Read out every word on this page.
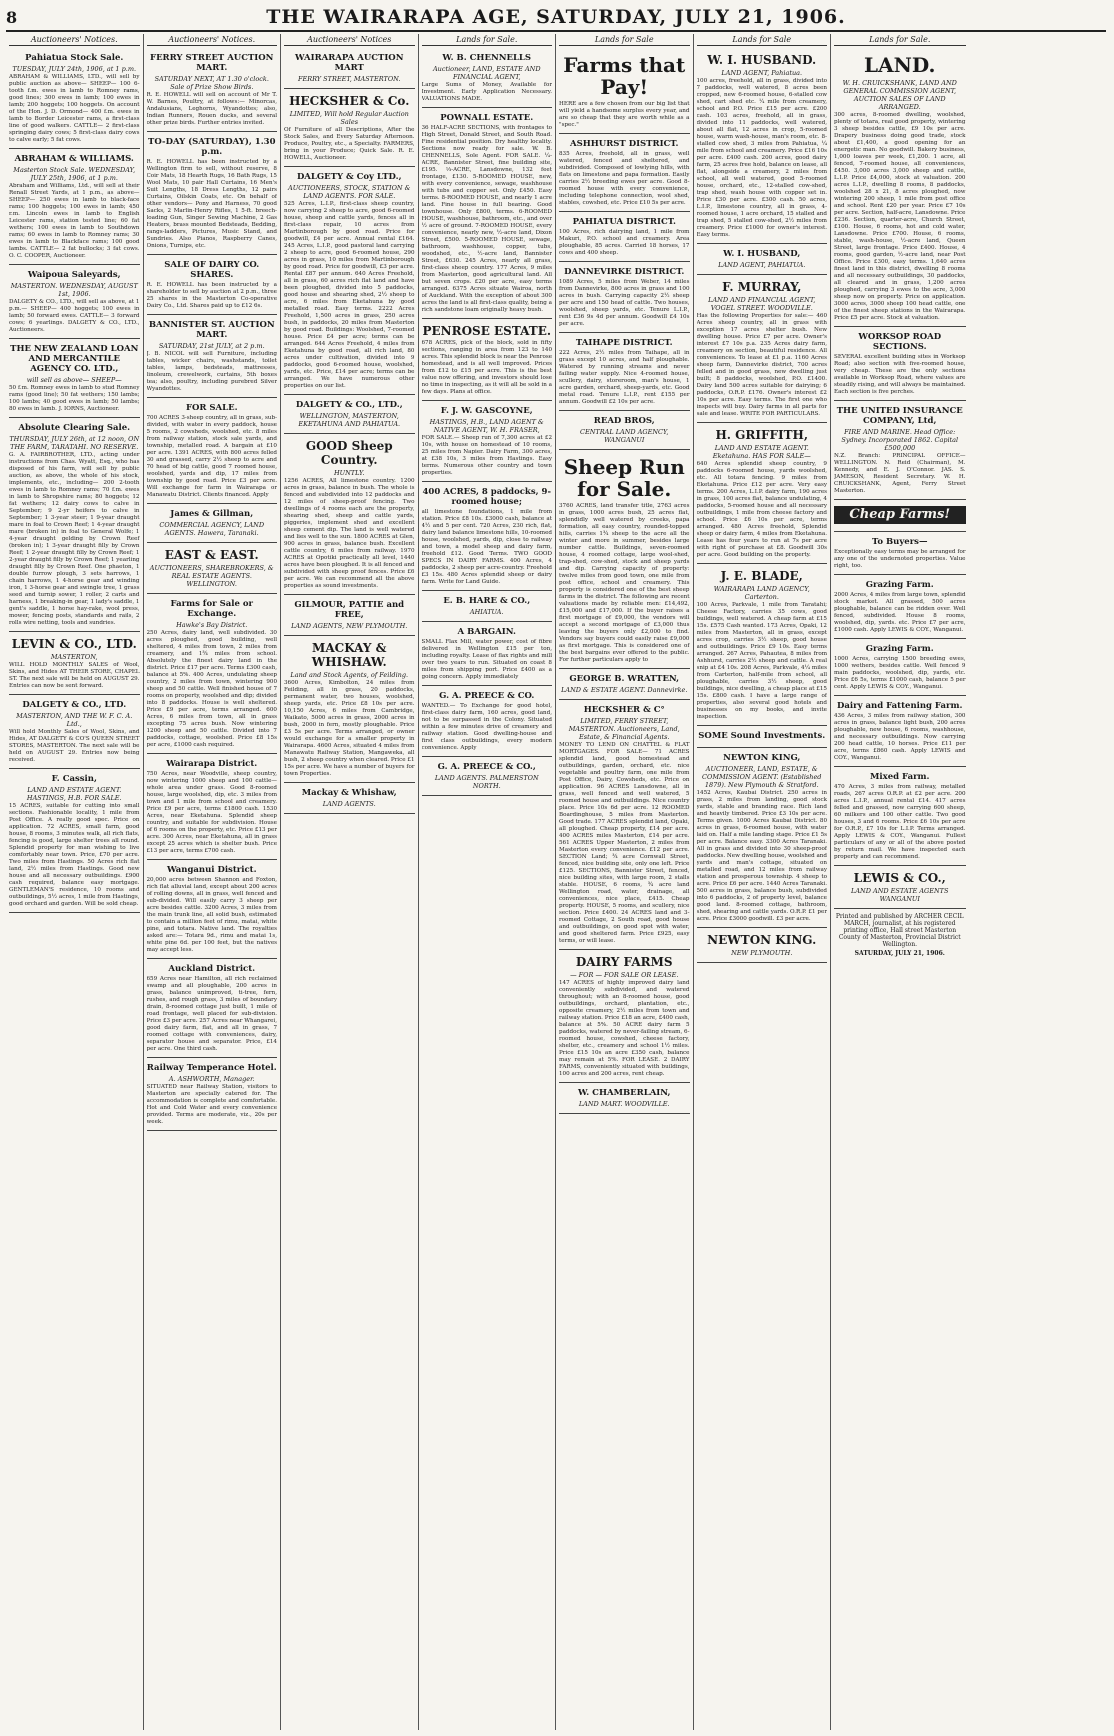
8	THE WAIRARAPA AGE, SATURDAY, JULY 21, 1906.
Auctioneers' Notices.
Pahiatua Stock Sale.
TUESDAY, JULY 24th, 1906, at 1 p.m.
ABRAHAM & WILLIAMS, LTD., will sell by public auction as above— SHEEP— 100 6-tooth f.m. ewes in lamb to Romney rams, good lines; 300 ewes in lamb; 100 ewes in lamb; 200 hoggets; 100 hoggets. On account of the Hon. J. D. Ormond— 400 f.m. ewes in lamb to Border Leicester rams, a first-class line of good walkers. CATTLE— 2 first-class springing dairy cows; 5 first-class dairy cows to calve early; 5 fat cows.
ABRAHAM & WILLIAMS.
Masterton Stock Sale. WEDNESDAY, JULY 25th, 1906, at 1 p.m.
Abraham and Williams, Ltd., will sell at their Renall Street Yards, at 1 p.m., as above— SHEEP— 250 ewes in lamb to black-face rams; 100 hoggets; 100 ewes in lamb; 450 r.m. Lincoln ewes in lamb to English Leicester rams, station tested line; 60 fat wethers; 100 ewes in lamb to Southdown rams; 60 ewes in lamb to Romney rams; 30 ewes in lamb to Blackface rams; 100 good lambs. CATTLE— 2 fat bullocks; 3 fat cows. O. C. COOPER, Auctioneer.
Waipoua Saleyards,
MASTERTON. WEDNESDAY, AUGUST 1st, 1906.
DALGETY & CO., LTD., will sell as above, at 1 p.m.— SHEEP— 400 hoggets; 100 ewes in lamb; 50 forward ewes. CATTLE— 3 forward cows; 6 yearlings. DALGETY & CO., LTD., Auctioneers.
THE NEW ZEALAND LOAN AND MERCANTILE AGENCY CO. LTD.,
will sell as above— SHEEP—
50 f.m. Romney ewes in lamb to stud Romney rams (good line); 50 fat wethers; 150 lambs; 100 lambs; 40 good ewes in lamb; 50 lambs; 80 ewes in lamb. J. IORNS, Auctioneer.
Absolute Clearing Sale.
THURSDAY, JULY 26th, at 12 noon, ON THE FARM, TARATAHI. NO RESERVE.
G. A. FAIRBROTHER, LTD., acting under instructions from Chas. Wyatt, Esq., who has disposed of his farm, will sell by public auction, as above, the whole of his stock, implements, etc., including— 200 2-tooth ewes in lamb to Romney rams; 70 f.m. ewes in lamb to Shropshire rams; 80 hoggets; 12 fat wethers; 12 dairy cows to calve in September; 9 2-yr heifers to calve in September; 1 3-year steer; 1 9-year draught mare in foal to Crown Reef; 1 4-year draught mare (broken in) in foal to General Wolfe; 1 4-year draught gelding by Crown Reef (broken in); 1 3-year draught filly by Crown Reef; 1 2-year draught filly by Crown Reef; 1 2-year draught filly by Crown Reef; 1 yearling draught filly by Crown Reef. One phaeton, 1 double furrow plough, 3 sets harrows, 1 chain harrows, 1 4-horse gear and winding iron, 1 3-horse gear and swingle tree, 1 grass seed and turnip sower, 1 roller, 2 carts and harness, 1 breaking-in gear, 1 lady's saddle, 1 gent's saddle, 1 horse hay-rake, wool press, mower, fencing posts, standards and rails, 2 rolls wire netting, tools and sundries.
LEVIN & CO., LTD.
MASTERTON,
WILL HOLD MONTHLY SALES of Wool, Skins, and Hides AT THEIR STORE, CHAPEL ST. The next sale will be held on AUGUST 29. Entries can now be sent forward.
DALGETY & CO., LTD.
MASTERTON, AND THE W. F. C. A. Ltd.,
Will hold Monthly Sales of Wool, Skins, and Hides, AT DALGETY & CO'S QUEEN STREET STORES, MASTERTON. The next sale will be held on AUGUST 29. Entries now being received.
F. Cassin,
LAND AND ESTATE AGENT. HASTINGS, H.B. FOR SALE.
15 ACRES, suitable for cutting into small sections. Fashionable locality, 1 mile from Post Office. A really good spec. Price on application. 72 ACRES, small farm, good house, 8 rooms, 3 minutes walk, all rich flats, fencing is good, large shelter trees all round. Splendid property for man wishing to live comfortably near town. Price, £70 per acre. Two miles from Hastings. 50 Acres rich flat land, 2½ miles from Hastings. Good new house and all necessary outbuildings. £900 cash required, balance easy mortgage. GENTLEMAN'S residence, 10 rooms and outbuildings, 5½ acres, 1 mile from Hastings, good orchard and garden. Will be sold cheap.
Auctioneers' Notices.
FERRY STREET AUCTION MART.
SATURDAY NEXT, AT 1.30 o'clock. Sale of Prize Show Birds.
R. E. HOWELL will sell on account of Mr T. W. Barnes, Poultry, at follows:— Minorcas, Andalusians, Leghorns, Wyandottes; also, Indian Runners, Rouen ducks, and several other prize birds. Further entries invited.
TO-DAY (SATURDAY), 1.30 p.m.
R. E. HOWELL has been instructed by a Wellington firm to sell, without reserve, 8 Coir Mats, 18 Hearth Rugs, 16 Bath Rugs, 15 Wool Mats, 10 pair Hall Curtains, 16 Men's Suit Lengths, 18 Dress Lengths, 12 pairs Curtains, Oilskin Coats, etc. On behalf of other vendors— Pony and Harness, 70 good Sacks, 2 Marlin-Henry Rifles, 1 5-ft. breech-loading Gun, Singer Sewing Machine, 2 Gas Heaters, brass mounted Bedsteads, Bedding, rangs-ladders, Pictures, Music Stand, and Sundries. Also Pianos, Raspberry Canes, Onions, Turnips, etc.
SALE OF DAIRY CO. SHARES.
R. E. HOWELL has been instructed by a shareholder to sell by auction at 2 p.m., three 25 shares in the Masterton Co-operative Dairy Co., Ltd. Shares paid up to £12 6s.
BANNISTER ST. AUCTION MART.
SATURDAY, 21st JULY, at 2 p.m.
J. B. NICOL will sell Furniture, including tables, wicker chairs, washstands, toilet tables, lamps, bedsteads, mattresses, linoleum, crewelwork, curtains, 5th boxes tea; also, poultry, including purebred Silver Wyandottes.
FOR SALE.
700 ACRES 3-sheep country, all in grass, sub-divided, with water in every paddock, house 5 rooms, 2 cowsheds, woolshed, etc. 8 miles from railway station, stock sale yards, and township, metalled road. A bargain at £10 per acre. 1391 ACRES, with 800 acres felled 30 and grassed, carry 2½ sheep to acre and 70 head of big cattle, good 7 roomed house, woolshed, yards and dip, 17 miles from township by good road. Price £3 per acre. Will exchange for farm in Wairarapa or Manawatu District. Clients financed. Apply
James & Gillman,
COMMERCIAL AGENCY, LAND AGENTS. Hawera, Taranaki.
EAST & EAST.
AUCTIONEERS, SHAREBROKERS, & REAL ESTATE AGENTS. WELLINGTON.
Farms for Sale or Exchange.
Hawke's Bay District.
250 Acres, dairy land, well subdivided. 30 acres ploughed, good building, well sheltered, 4 miles from town, 2 miles from creamery, and 1¾ miles from school. Absolutely the finest dairy land in the district. Price £17 per acre. Terms £300 cash, balance at 5%. 400 Acres, undulating sheep country, 2 miles from town, wintering 900 sheep and 50 cattle. Well finished house of 7 rooms on property, woolshed and dip; divided into 8 paddocks. House is well sheltered. Price £9 per acre, terms arranged. 600 Acres, 6 miles from town, all in grass excepting 75 acres bush. Now wintering 1200 sheep and 50 cattle. Divided into 7 paddocks, cottage, woolshed. Price £8 15s per acre, £1000 cash required.
Wairarapa District.
750 Acres, near Woodville, sheep country, now wintering 1000 sheep and 100 cattle— whole area under grass. Good 8-roomed house, large woolshed, dip, etc. 3 miles from town and 1 mile from school and creamery. Price £9 per acre, terms £1800 cash. 1530 Acres, near Eketahuna. Splendid sheep country, and suitable for subdivision. House of 6 rooms on the property, etc. Price £13 per acre. 300 Acres, near Eketahuna, all in grass except 25 acres which is shelter bush. Price £13 per acre, terms £700 cash.
Wanganui District.
20,000 acres between Shannon and Foxton, rich flat alluvial land, except about 200 acres of rolling downs, all in grass, well fenced and sub-divided. Will easily carry 3 sheep per acre besides cattle. 3200 Acres, 3 miles from the main trunk line, all solid bush, estimated to contain a million feet of rimu, matai, white pine, and totara. Native land. The royalties asked are:— Totara 9d., rimu and matai 1s, white pine 6d. per 100 feet, but the natives may accept less.
Auckland District.
659 Acres near Hamilton, all rich reclaimed swamp and all ploughable, 200 acres in grass, balance unimproved, ti-tree, fern, rushes, and rough grass, 3 miles of boundary drain, 8-roomed cottage just built, 1 mile of road frontage, well placed for sub-division. Price £3 per acre. 257 Acres near Whangarei, good dairy farm, flat, and all in grass, 7 roomed cottage with conveniences, dairy, separator house and separator. Price, £14 per acre. One third cash.
Railway Temperance Hotel.
A. ASHWORTH, Manager.
SITUATED near Railway Station, visitors to Masterton are specially catered for. The accommodation is complete and comfortable. Hot and Cold Water and every convenience provided. Terms are moderate, viz., 20s per week.
Auctioneers' Notices
WAIRARAPA AUCTION MART
FERRY STREET, MASTERTON.
HECKSHER & Co.
LIMITED, Will hold Regular Auction Sales
Of Furniture of all Descriptions, After the Stock Sales, and Every Saturday Afternoon. Produce, Poultry, etc., a Specialty. FARMERS, bring in your Produce; Quick Sale. R. E. HOWELL, Auctioneer.
DALGETY & Coy LTD.,
AUCTIONEERS, STOCK, STATION & LAND AGENTS. FOR SALE.
525 Acres, L.I.P., first-class sheep country, now carrying 2 sheep to acre, good 6-roomed house, sheep and cattle yards, fences all in first-class repair, 10 acres from Martinborough by good road. Price for goodwill, £4 per acre. Annual rental £164. 245 Acres, L.I.P., good pastoral land carrying 2 sheep to acre, good 6-roomed house, 290 acres in grass, 10 miles from Martinborough by good road. Price for goodwill, £3 per acre. Rental £87 per annum. 640 Acres Freehold, all in grass, 60 acres rich flat land and have been ploughed, divided into 5 paddocks, good house and shearing shed, 2½ sheep to acre, 6 miles from Eketahuna by good metalled road. Easy terms. 2222 Acres Freehold, 1,500 acres in grass, 250 acres bush, in paddocks, 20 miles from Masterton by good road. Buildings: Woolshed, 7-roomed house. Price £4 per acre; terms can be arranged. 644 Acres Freehold, 4 miles from Eketahuna by good road, all rich land, 80 acres under cultivation, divided into 9 paddocks, good 6-roomed house, woolshed, yards, etc. Price, £14 per acre; terms can be arranged. We have numerous other properties on our list.
DALGETY & CO., LTD.,
WELLINGTON, MASTERTON, EKETAHUNA AND PAHIATUA.
GOOD Sheep Country.
HUNTLY.
1256 ACRES, All limestone country. 1200 acres in grass, balance in bush. The whole is fenced and subdivided into 12 paddocks and 12 miles of sheep-proof fencing. Two dwellings of 4 rooms each are the property, shearing shed, sheep and cattle yards, piggeries, implement shed and excellent sheep cement dip. The land is well watered and lies well to the sun. 1800 ACRES at Glen, 900 acres in grass, balance bush. Excellent cattle country, 6 miles from railway. 1970 ACRES at Opotiki practically all level, 1440 acres have been ploughed. It is all fenced and subdivided with sheep proof fences. Price £6 per acre. We can recommend all the above properties as sound investments.
GILMOUR, PATTIE and FREE,
LAND AGENTS, NEW PLYMOUTH.
MACKAY & WHISHAW.
Land and Stock Agents, of Feilding.
3600 Acres, Kimbolton, 24 miles from Feilding, all in grass, 20 paddocks, permanent water, two houses, woolshed, sheep yards, etc. Price £8 10s per acre. 10,150 Acres, 6 miles from Cambridge, Waikato, 5000 acres in grass, 2000 acres in bush, 2000 in fern, mostly ploughable. Price £3 5s per acre. Terms arranged, or owner would exchange for a smaller property in Wairarapa. 4600 Acres, situated 4 miles from Manawatu Railway Station, Mangaweka, all bush, 2 sheep country when cleared. Price £1 15s per acre. We have a number of buyers for town Properties.
Mackay & Whishaw,
LAND AGENTS.
Lands for Sale.
W. B. CHENNELLS
Auctioneer, LAND, ESTATE AND FINANCIAL AGENT,
Large Sums of Money, Available for Investment. Early Application Necessary. VALUATIONS MADE.
POWNALL ESTATE.
36 HALF-ACRE SECTIONS, with frontages to High Street, Donald Street, and South Road. Fine residential position. Dry healthy locality. Sections now ready for sale. W. B. CHENNELLS, Sole Agent. FOR SALE. ¼-ACRE, Bannister Street, fine building site, £195. ⅓-ACRE, Lansdowne, 132 feet frontage, £130. 5-ROOMED HOUSE, new, with every convenience, sewage, washhouse with tubs and copper set. Only £450. Easy terms. 8-ROOMED HOUSE, and nearly 1 acre land. Fine house in full bearing. Good townhouse. Only £800, terms. 6-ROOMED HOUSE, washhouse, bathroom, etc., and over ½ acre of ground. 7-ROOMED HOUSE, every convenience, nearly new, ½-acre land, Dixon Street, £500. 5-ROOMED HOUSE, sewage, bathroom, washhouse, copper, tubs, woodshed, etc., ½-acre land, Bannister Street, £630. 245 Acres, nearly all grass, first-class sheep country. 177 Acres, 9 miles from Masterton, good agricultural land. All but seven crops. £20 per acre, easy terms arranged. 6375 Acres situate Wairoa, north of Auckland. With the exception of about 300 acres the land is all first-class quality, being a rich sandstone loam originally heavy bush.
PENROSE ESTATE.
678 ACRES, pick of the block, sold in fifty sections, ranging in area from 123 to 140 acres. This splendid block is near the Penrose homestead, and is all well improved. Prices from £12 to £15 per acre. This is the best value now offering, and investors should lose no time in inspecting, as it will all be sold in a few days. Plans at office.
F. J. W. GASCOYNE,
HASTINGS, H.B., LAND AGENT & NATIVE AGENT, W. H. FRASER,
FOR SALE.— Sheep run of 7,300 acres at £2 10s, with house on homestead of 10 rooms, 25 miles from Napier. Dairy Farm, 300 acres, at £38 10s, 3 miles from Hastings. Easy terms. Numerous other country and town properties.
400 ACRES, 8 paddocks, 9-roomed house;
all limestone foundations, 1 mile from station. Price £8 10s. £3000 cash, balance at 4½ and 5 per cent. 720 Acres, 230 rich, flat, dairy land balance limestone hills, 10-roomed house, woolshed, yards, dip, close to railway and town, a model sheep and dairy farm, freehold £12. Good Terms. TWO GOOD SPECS IN DAIRY FARMS. 400 Acres, 4 paddocks, 2 sheep per acre-country. Freehold £3 15s. 480 Acres splendid sheep or dairy farm. Write for Land Guide.
E. B. HARE & CO.,
AHIATUA.
A BARGAIN.
SMALL Flax Mill, water power, cost of fibre delivered in Wellington £15 per ton, including royalty. Lease of flax rights and mill over two years to run. Situated on coast 8 miles from shipping port. Price £400 as a going concern. Apply immediately
G. A. PREECE & CO.
WANTED.— To Exchange for good hotel, first-class dairy farm, 160 acres, good land, not to be surpassed in the Colony. Situated within a few minutes drive of creamery and railway station. Good dwelling-house and first class outbuildings, every modern convenience. Apply
G. A. PREECE & CO.,
LAND AGENTS. PALMERSTON NORTH.
Lands for Sale
Farms that Pay!
HERE are a few chosen from our big list that will yield a handsome surplus every year, and are so cheap that they are worth while as a "spec."
ASHHURST DISTRICT.
835 Acres, freehold, all in grass, well watered, fenced and sheltered, and subdivided. Composed of lowlying hills, with flats on limestone and papa formation. Easily carries 2½ breeding ewes per acre. Good 8-roomed house with every convenience, including telephone connection, wool shed, stables, cowshed, etc. Price £10 5s per acre.
PAHIATUA DISTRICT.
100 Acres, rich dairying land, 1 mile from Makuri, P.O. school and creamery. Area ploughable, 85 acres. Carried 18 horses, 17 cows and 400 sheep.
DANNEVIRKE DISTRICT.
1089 Acres, 5 miles from Weber, 14 miles from Dannevirke, 800 acres in grass and 100 acres in bush. Carrying capacity 2½ sheep per acre and 150 head of cattle. Two houses, woolshed, sheep yards, etc. Tenure L.I.P., rent £36 9s 4d per annum. Goodwill £4 10s per acre.
TAIHAPE DISTRICT.
222 Acres, 2½ miles from Taihape, all in grass except 10 acres, and half ploughable. Watered by running streams and never failing water supply. Nice 4-roomed house, scullery, dairy, storeroom, man's house, 1 acre garden, orchard, sheep-yards, etc. Good metal road. Tenure L.I.P., rent £155 per annum. Goodwill £2 10s per acre.
READ BROS,
CENTRAL LAND AGENCY, WANGANUI
Sheep Run for Sale.
3760 ACRES, land transfer title, 2763 acres in grass, 1000 acres bush, 25 acres flat, splendidly well watered by creeks, papa formation, all easy country, rounded-topped hills, carries 1¾ sheep to the acre all the winter and more in summer, besides large number cattle. Buildings, seven-roomed house, 4 roomed cottage, large wool-shed, trap-shed, cow-shed, stock and sheep yards and dip. Carrying capacity of property: twelve miles from good town, one mile from post office, school and creamery. This property is considered one of the best sheep farms in the district. The following are recent valuations made by reliable men: £14,492, £15,000 and £17,000. If the buyer raises a first mortgage of £9,000, the vendors will accept a second mortgage of £3,000 thus leaving the buyers only £2,000 to find. Vendors say buyers could easily raise £9,000 as first mortgage. This is considered one of the best bargains ever offered to the public. For further particulars apply to
GEORGE B. WRATTEN,
LAND & ESTATE AGENT. Dannevirke.
HECKSHER & C°
LIMITED, FERRY STREET, MASTERTON. Auctioneers, Land, Estate, & Financial Agents.
MONEY TO LEND ON CHATTEL & FLAT MORTGAGES. FOR SALE— 71 ACRES splendid land, good homestead and outbuildings, garden, orchard, etc. nice vegetable and poultry farm, one mile from Post Office, Dairy, Cowsheds, etc. Price on application. 96 ACRES Lansdowne, all in grass, well fenced and well watered, 5 roomed house and outbuildings. Nice country place. Price 10s 6d per acre. 12 ROOMED Boardinghouse, 5 miles from Masterton. Good trade. 177 ACRES splendid land, Opaki, all ploughed. Cheap property, £14 per acre. 400 ACRES miles Masterton, £14 per acre. 561 ACRES Upper Masterton, 2 miles from Masterton every convenience. £12 per acre. SECTION Land; ¾ acre Cornwall Street, fenced, nice building site, only one left. Price £125. SECTIONS, Bannister Street, fenced, nice building sites, with large room, 2 stalls stable. HOUSE, 6 rooms, ¾ acre land Wellington road, water, drainage, all conveniences, nice place, £415. Cheap property. HOUSE, 5 rooms, and scullery, nice section. Price £400. 24 ACRES land and 3-roomed Cottage, 2 South road, good house and outbuildings, on good spot with water, and good sheltered farm. Price £925, easy terms, or will lease.
DAIRY FARMS
— FOR — FOR SALE OR LEASE.
147 ACRES of highly improved dairy land conveniently subdivided, and watered throughout; with an 8-roomed house, good outbuildings, orchard, plantation, etc., opposite creamery, 2½ miles from town and railway station. Price £18 an acre, £400 cash, balance at 5%. 50 ACRE dairy farm 5 paddocks, watered by never-failing stream, 6-roomed house, cowshed, cheese factory, shelter, etc., creamery and school 1½ miles. Price £15 10s an acre £350 cash, balance may remain at 5%. FOR LEASE. 2 DAIRY FARMS, conveniently situated with buildings, 100 acres and 200 acres, rent cheap.
W. CHAMBERLAIN,
LAND MART. WOODVILLE.
Lands for Sale
W. I. HUSBAND.
LAND AGENT, Pahiatua.
100 acres, freehold, all in grass, divided into 7 paddocks, well watered, 8 acres been cropped, new 6-roomed house, 6-stalled cow shed, cart shed etc. ¼ mile from creamery, school and P.O. Price £15 per acre. £200 cash. 103 acres, freehold, all in grass, divided into 11 paddocks, well watered, about all flat, 12 acres in crop, 5-roomed house, warm wash-house, man's room, etc. 8-stalled cow shed, 3 miles from Pahiatua, ¼ mile from school and creamery. Price £16 10s per acre. £400 cash. 200 acres, good dairy farm, 25 acres free hold, balance on lease, all flat, alongside a creamery, 2 miles from school, all well watered, good 5-roomed house, orchard, etc., 12-stalled cow-shed, trap shed, wash house with copper set in. Price £30 per acre. £300 cash. 50 acres, L.I.P., limestone country, all in grass, 4-roomed house, 1 acre orchard, 15 stalled and trap shed, 5 stalled cow-shed, 2½ miles from creamery. Price £1000 for owner's interest. Easy terms.
W. I. HUSBAND,
LAND AGENT, PAHIATUA.
F. MURRAY,
LAND AND FINANCIAL AGENT, VOGEL STREET. WOODVILLE.
Has the following Properties for sale:— 460 Acres sheep country, all in grass with exception 17 acres shelter bush. New dwelling house. Price £7 per acre. Owner's interest £7 10s p.a. 235 Acres dairy farm, creamery on section, beautiful residence. All conveniences. To lease at £1 p.a. 1160 Acres sheep farm, Dannevirke district, 700 acres felled and in good grass, new dwelling just built; 8 paddocks, woolshed, P.O. £1400. Dairy land 500 acres suitable for dairying; 6 paddocks, O.R.P. £176. Owner's interest £2 10s per acre. Easy terms. The first one who inspects will buy. Dairy farms in all parts for sale and lease. WRITE FOR PARTICULARS.
H. GRIFFITH,
LAND AND ESTATE AGENT. Eketahuna. HAS FOR SALE—
640 Acres splendid sheep country, 9 paddocks 6-roomed house, yards woolshed, etc. All totara fencing. 9 miles from Eketahuna. Price £12 per acre. Very easy terms. 200 Acres, L.I.P. dairy farm, 190 acres in grass, 100 acres flat, balance undulating, 4 paddocks, 5-roomed house and all necessary outbuildings, 1 mile from cheese factory and school. Price £6 10s per acre, terms arranged. 480 Acres freehold, Splendid sheep or dairy farm, 4 miles from Eketahuna. Lease has four years to run at 7s per acre with right of purchase at £8. Goodwill 30s per acre. Good building on the property.
J. E. BLADE,
WAIRARAPA LAND AGENCY, Carterton.
100 Acres, Parkvale, 1 mile from Taratahi; Cheese Factory, carries 35 cows, good buildings, well watered. A cheap farm at £15 15s. £575 Cash wanted. 173 Acres, Opaki, 12 miles from Masterton, all in grass, except acres crop, carries 3½ sheep, good house and outbuildings. Price £9 10s. Easy terms arranged. 267 Acres, Pahautea, 8 miles from Ashhurst, carries 2½ sheep and cattle. A real snip at £4 10s. 208 Acres, Parkvale, 4¼ miles from Carterton, half-mile from school, all ploughable, carries 3½ sheep, good buildings, nice dwelling, a cheap place at £15 15s. £800 cash. I have a large range of properties, also several good hotels and businesses on my books, and invite inspection.
SOME Sound Investments.
NEWTON KING,
AUCTIONEER, LAND, ESTATE, & COMMISSION AGENT. (Established 1879). New Plymouth & Stratford.
1452 Acres, Kaubai District. 250 acres in grass, 2 miles from landing, good stock yards, stable and branding race. Rich land and heavily timbered. Price £3 10s per acre. Terms given. 1000 Acres Kaubai District. 80 acres in grass, 6-roomed house, with water laid on. Half a mile landing stage. Price £1 5s per acre. Balance easy. 3300 Acres Taranaki. All in grass and divided into 30 sheep-proof paddocks. New dwelling house, woolshed and yards and man's cottage, situated on metalled road, and 12 miles from railway station and prosperous township. 4 sheep to acre. Price £6 per acre. 1440 Acres Taranaki. 500 acres in grass, balance bush, subdivided into 6 paddocks, 2 of property level, balance good land. 8-roomed cottage, bathroom, shed, shearing and cattle yards. O.R.P. £1 per acre. Price £3000 goodwill. £3 per acre.
NEWTON KING.
NEW PLYMOUTH.
Lands for Sale.
LAND.
W. H. CRUICKSHANK, LAND AND GENERAL COMMISSION AGENT, AUCTION SALES OF LAND ARRANGED.
300 acres, 8-roomed dwelling, woolshed, plenty of totara, real good property, wintering 3 sheep besides cattle, £9 10s per acre. Drapery business doing good trade, stock about £1,400, a good opening for an energetic man. No goodwill. Bakery business, 1,000 loaves per week, £1,200. 1 acre, all fenced, 7-roomed house, all conveniences, £450. 3,000 acres 3,000 sheep and cattle, L.I.P. Price £4,000, stock at valuation. 200 acres L.I.P., dwelling 8 rooms, 8 paddocks, woolshed 28 x 21, 8 acres ploughed, now wintering 200 sheep, 1 mile from post office and school. Rent £20 per year. Price £7 10s per acre. Section, half-acre, Lansdowne. Price £236. Section, quarter-acre, Church Street, £100. House, 6 rooms, hot and cold water, Lansdowne. Price £700. House, 6 rooms, stable, wash-house, ½-acre land, Queen Street, large frontage. Price £400. House, 4 rooms, good garden, ½-acre land, near Post Office. Price £300, easy terms. 1,640 acres finest land in this district, dwelling 8 rooms and all necessary outbuildings, 30 paddocks, all cleared and in grass, 1,200 acres ploughed, carrying 3 ewes to the acre, 3,000 sheep now on property. Price on application. 3000 acres, 3000 sheep 100 head cattle, one of the finest sheep stations in the Wairarapa. Price £5 per acre. Stock at valuation.
WORKSOP ROAD SECTIONS.
SEVERAL excellent building sites in Worksop Road; also section with five-roomed house, very cheap. These are the only sections available in Worksop Road, where values are steadily rising, and will always be maintained. Each section is five perches.
THE UNITED INSURANCE COMPANY, Ltd,
FIRE AND MARINE. Head Office: Sydney. Incorporated 1862. Capital £500,000
N.Z. Branch: PRINCIPAL OFFICE— WELLINGTON. N. Reid (Chairman), M. Kennedy, and E. J. O'Connor. JAS. S. JAMESON, Resident Secretary. W. H. CRUICKSHANK, Agent, Ferry Street Masterton.
Cheap Farms!
To Buyers—
Exceptionally easy terms may be arranged for any one of the undernoted properties. Value right, too.
Grazing Farm.
2000 Acres, 4 miles from large town, splendid stock market. All grassed, 500 acres ploughable, balance can be ridden over. Well fenced, subdivided. House 8 rooms, woolshed, dip, yards. etc. Price £7 per acre, £1000 cash. Apply LEWIS & COY., Wanganui.
Grazing Farm.
1000 Acres, carrying 1500 breeding ewes, 1000 wethers, besides cattle. Well fenced 9 main paddocks, woolshed, dip, yards, etc. Price £6 5s, terms £1000 cash, balance 5 per cent. Apply LEWIS & COY., Wanganui.
Dairy and Fattening Farm.
436 Acres, 3 miles from railway station, 300 acres in grass, balance light bush, 200 acres ploughable, new house, 6 rooms, washhouse, and necessary outbuildings. Now carrying 200 head cattle, 10 horses. Price £11 per acre, terms £860 cash. Apply LEWIS and COY., Wanganui.
Mixed Farm.
470 Acres, 3 miles from railway, metalled roads, 267 acres O.R.P. at £2 per acre. 200 acres L.I.P., annual rental £14. 417 acres felled and grassed, now carrying 600 sheep, 60 milkers and 100 other cattle. Two good houses, 3 and 6 rooms. Price £6 10s per acre for O.R.P., £7 10s for L.I.P. Terms arranged. Apply LEWIS & COY., Wanganui. Fullest particulars of any or all of the above posted by return mail. We have inspected each property and can recommend.
LEWIS & CO.,
LAND AND ESTATE AGENTS WANGANUI
Printed and published by ARCHER CECIL MARCH, journalist, at his registered printing office, Hall street Masterton County of Masterton, Provincial District Wellington.
SATURDAY, JULY 21, 1906.
